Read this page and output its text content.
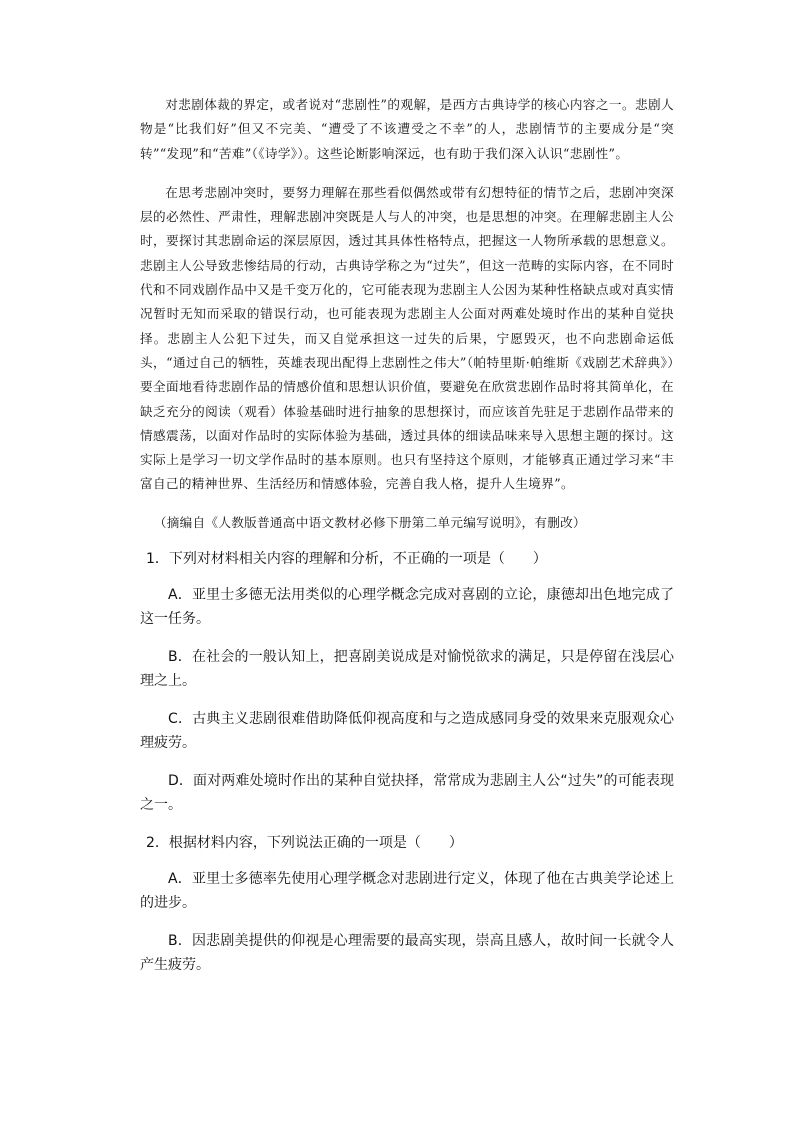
对悲剧体裁的界定，或者说对“悲剧性”的观解，是西方古典诗学的核心内容之一。悲剧人物是“比我们好”但又不完美、“遭受了不该遭受之不幸”的人，悲剧情节的主要成分是“突转”“发现”和“苦难”（《诗学》）。这些论断影响深远，也有助于我们深入认识“悲剧性”。

在思考悲剧冲突时，要努力理解在那些看似偶然或带有幻想特征的情节之后，悲剧冲突深层的必然性、严肃性，理解悲剧冲突既是人与人的冲突，也是思想的冲突。在理解悲剧主人公时，要探讨其悲剧命运的深层原因，透过其具体性格特点，把握这一人物所承载的思想意义。悲剧主人公导致悲惨结局的行动，古典诗学称之为“过失”，但这一范畴的实际内容，在不同时代和不同戏剧作品中又是千变万化的，它可能表现为悲剧主人公因为某种性格缺点或对真实情况暂时无知而采取的错误行动，也可能表现为悲剧主人公面对两难处境时作出的某种自觉抉择。悲剧主人公犯下过失，而又自觉承担这一过失的后果，宁愿毁灭，也不向悲剧命运低头，“通过自己的牺牲，英雄表现出配得上悲剧性之伟大”（帕特里斯·帕维斯《戏剧艺术辞典》）要全面地看待悲剧作品的情感价值和思想认识价值，要避免在欣赏悲剧作品时将其简单化，在缺乏充分的阅读（观看）体验基础时进行抽象的思想探讨，而应该首先驻足于悲剧作品带来的情感震荡，以面对作品时的实际体验为基础，透过具体的细读品味来导入思想主题的探讨。这实际上是学习一切文学作品时的基本原则。也只有坚持这个原则，才能够真正通过学习来“丰富自己的精神世界、生活经历和情感体验，完善自我人格，提升人生境界”。

（摘编自《人教版普通高中语文教材必修下册第二单元编写说明》，有删改）

1．下列对材料相关内容的理解和分析，不正确的一项是（　　）

A．亚里士多德无法用类似的心理学概念完成对喜剧的立论，康德却出色地完成了这一任务。

B．在社会的一般认知上，把喜剧美说成是对愉悦欲求的满足，只是停留在浅层心理之上。

C．古典主义悲剧很难借助降低仰视高度和与之造成感同身受的效果来克服观众心理疲劳。

D．面对两难处境时作出的某种自觉抉择，常常成为悲剧主人公“过失”的可能表现之一。

2．根据材料内容，下列说法正确的一项是（　　）

A．亚里士多德率先使用心理学概念对悲剧进行定义，体现了他在古典美学论述上的进步。

B．因悲剧美提供的仰视是心理需要的最高实现，崇高且感人，故时间一长就令人产生疲劳。
